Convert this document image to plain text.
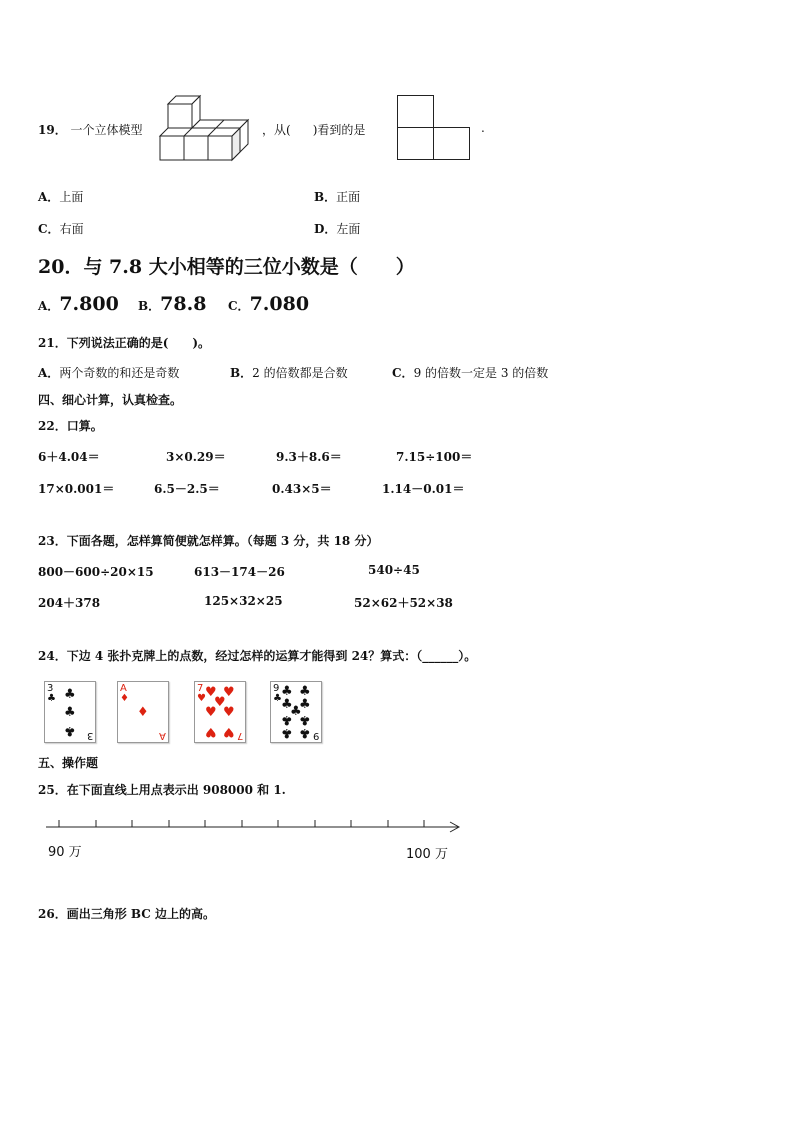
19． 一个立体模型	，从( )看到的是	.
A．上面	B．正面
C．右面	D．左面
20．与 7.8 大小相等的三位小数是（　　）
A．7.800 B．78.8 C．7.080
21．下列说法正确的是(　　)。
A．两个奇数的和还是奇数	B．2 的倍数都是合数	C．9 的倍数一定是 3 的倍数
四、细心计算，认真检查。
22．口算。
6＋4.04＝	3×0.29＝	9.3＋8.6＝	7.15÷100＝
17×0.001＝	6.5－2.5＝	0.43×5＝	1.14－0.01＝
23．下面各题，怎样算简便就怎样算。（每题 3 分，共 18 分）
800－600÷20×15	613－174－26	540÷45
204＋378	125×32×25	52×62＋52×38
24．下边 4 张扑克牌上的点数，经过怎样的运算才能得到 24？算式：（______）。
3
♣ ♣
♣
♣ 3
A
♦
♦
A
7
♥ ♥ ♥
♥
♥ ♥
♥ ♥ 7
9
♣ ♣ ♣
♣ ♣
♣
♣ ♣
♣ ♣ 9
五、操作题
25．在下面直线上用点表示出 908000 和 1.
90 万	100 万
26．画出三角形 BC 边上的高。
